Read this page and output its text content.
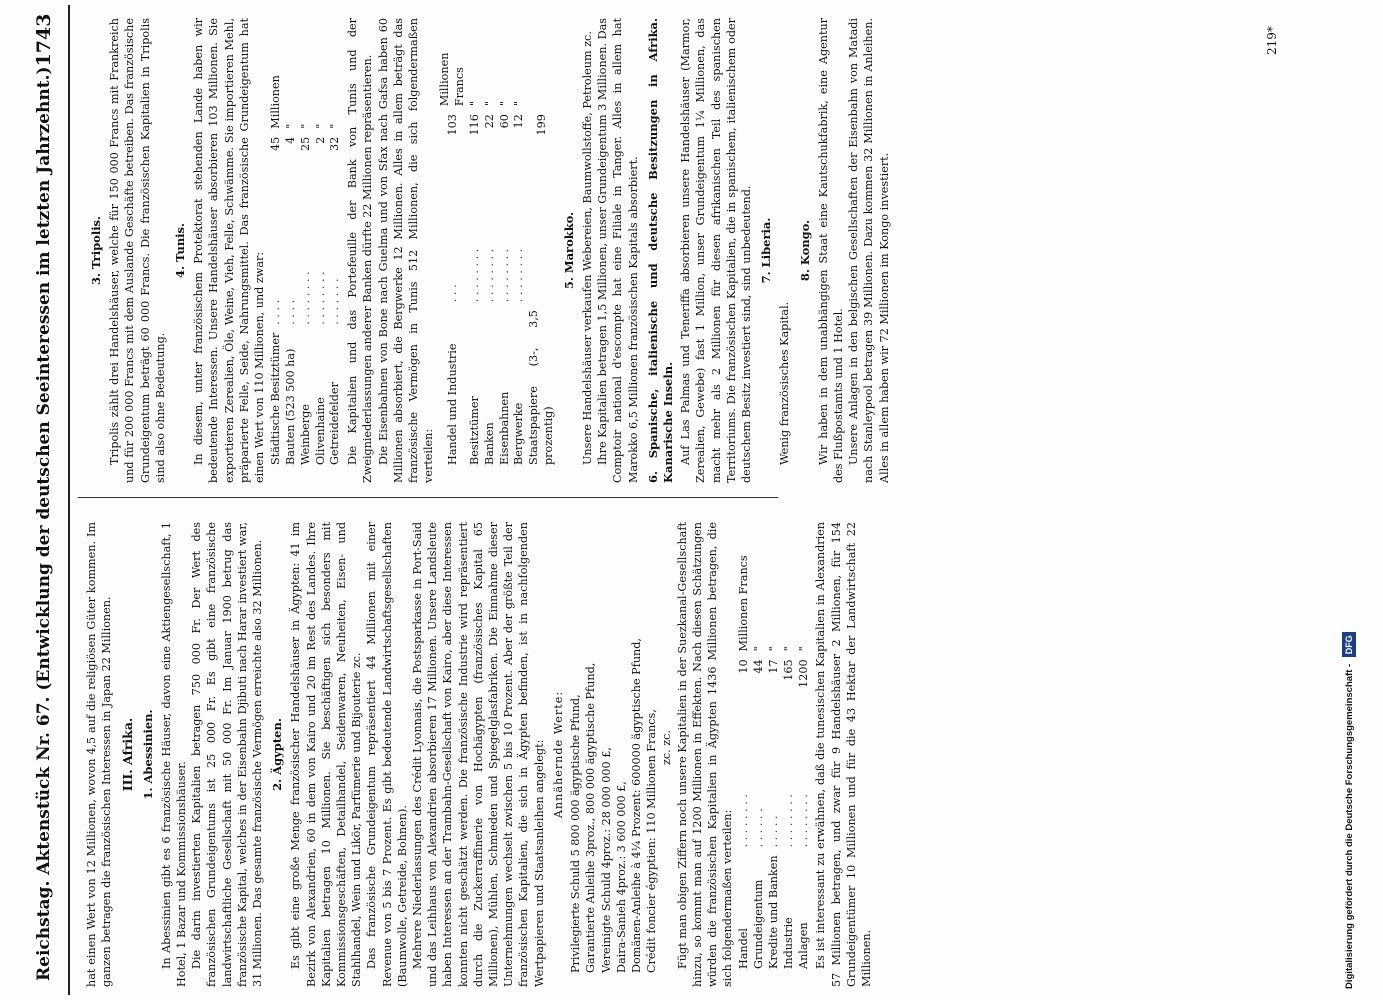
Reichstag. Aktenstück Nr. 67. (Entwicklung der deutschen Seeinteressen im letzten Jahrzehnt.)
1743

hat einen Wert von 12 Millionen, wovon 4,5 auf die religiösen Güter kommen. Im ganzen betragen die französischen Interessen in Japan 22 Millionen. III. Afrika. 1. Abessinien. In Abessinien gibt es 6 französische Häuser, davon eine Aktiengesellschaft, 1 Hotel, 1 Bazar und Kommissionshäuser. Die darin investierten Kapitalien betragen 750 000 Fr. Der Wert des französischen Grundeigentums ist 25 000 Fr. Es gibt eine französische landwirtschaftliche Gesellschaft mit 50 000 Fr. Im Januar 1900 betrug das französische Kapital, welches in der Eisenbahn Djibuti nach Harar investiert war, 31 Millionen. Das gesamte französische Vermögen erreichte also 32 Millionen. 2. Ägypten. Es gibt eine große Menge französischer Handelshäuser in Ägypten: 41 im Bezirk von Alexandrien, 60 in dem von Kairo und 20 im Rest des Landes. Ihre Kapitalien betragen 10 Millionen. Sie beschäftigen sich besonders mit Kommissionsgeschäften, Detailhandel, Seidenwaren, Neuheiten, Eisen- und Stahlhandel, Wein und Likör, Parfümerie und Bijouterie zc. Das französische Grundeigentum repräsentiert 44 Millionen mit einer Revenue von 5 bis 7 Prozent. Es gibt bedeutende Landwirtschaftsgesellschaften (Baumwolle, Getreide, Bohnen). Mehrere Niederlassungen des Crédit Lyonnais, die Postsparkasse in Port-Said und das Leihhaus von Alexandrien absorbieren 17 Millionen. Unsere Landsleute haben Interessen an der Trambahn-Gesellschaft von Kairo, aber diese Interessen konnten nicht geschätzt werden. Die französische Industrie wird repräsentiert durch die Zuckerraffinerie von Hochägypten (französisches Kapital 65 Millionen), Mühlen, Schmieden und Spiegelglasfabriken. Die Einnahme dieser Unternehmungen wechselt zwischen 5 bis 10 Prozent. Aber der größte Teil der französischen Kapitalien, die sich in Ägypten befinden, ist in nachfolgenden Wertpapieren und Staatsanleihen angelegt: Annähernde Werte: Privilegierte Schuld 5 800 000 ägyptische Pfund, Garantierte Anleihe 3proz., 800 000 ägyptische Pfund, Vereinigte Schuld 4proz.: 28 000 000 £, Daira-Sanieh 4proz.: 3 600 000 £, Domänen-Anleihe à 4¼ Prozent: 600000 ägyptische Pfund, Crédit foncier égyptien: 110 Millionen Francs, zc. zc. Fügt man obigen Ziffern noch unsere Kapitalien in der Suezkanal-Gesellschaft hinzu, so kommt man auf 1200 Millionen in Effekten. Nach diesen Schätzungen würden die französischen Kapitalien in Ägypten 1436 Millionen betragen, die sich folgendermaßen verteilen: Handel	. . . . . . . .	10	Millionen Francs
Grundeigentum	. . . . . .	44	"
Kredite und Banken	. . . . .	17	"
Industrie	. . . . . . . .	165	"
Anlagen	. . . . . . . .	1200	" Es ist interessant zu erwähnen, daß die tunesischen Kapitalien in Alexandrien 57 Millionen betragen, und zwar für 9 Handelshäuser 2 Millionen, für 154 Grundeigentümer 10 Millionen und für die 43 Hektar der Landwirtschaft 22 Millionen.

3. Tripolis. Tripolis zählt drei Handelshäuser, welche für 150 000 Francs mit Frankreich und für 200 000 Francs mit dem Auslande Geschäfte betreiben. Das französische Grundeigentum beträgt 60 000 Francs. Die französischen Kapitalien in Tripolis sind also ohne Bedeutung.

4. Tunis. In diesem, unter französischem Protektorat stehenden Lande haben wir bedeutende Interessen. Unsere Handelshäuser absorbieren 103 Millionen. Sie exportieren Zerealien, Öle, Weine, Vieh, Felle, Schwämme. Sie importieren Mehl, präparierte Felle, Seide, Nahrungsmittel. Das französische Grundeigentum hat einen Wert von 110 Millionen, und zwar: Städtische Besitztümer	. . . .	45	Millionen
Bauten (523 500 ha)	. . . .	4	"
Weinberge	. . . . . . . .	25	"
Olivenhaine	. . . . . . . .	2	"
Getreidefelder	. . . . . . .	32	" Die Kapitalien und das Portefeuille der Bank von Tunis und der Zweigniederlassungen anderer Banken dürfte 22 Millionen repräsentieren. Die Eisenbahnen von Bone nach Guelma und von Sfax nach Gafsa haben 60 Millionen absorbiert, die Bergwerke 12 Millionen. Alles in allem beträgt das französische Vermögen in Tunis 512 Millionen, die sich folgendermaßen verteilen: Handel und Industrie	. . .	103	Millionen Francs
Besitztümer	. . . . . . . .	116	"
Banken	. . . . . . . .	22	"
Eisenbahnen	. . . . . . . .	60	"
Bergwerke	. . . . . . . .	12	"
Staatspapiere (3-, 3,5 prozentig)		199	
5. Marokko. Unsere Handelshäuser verkaufen Webereien, Baumwollstoffe, Petroleum zc. Ihre Kapitalien betragen 1,5 Millionen, unser Grundeigentum 3 Millionen. Das Comptoir national d'escompte hat eine Filiale in Tanger. Alles in allem hat Marokko 6,5 Millionen französischen Kapitals absorbiert. 6. Spanische, italienische und deutsche Besitzungen in Afrika. Kanarische Inseln. Auf Las Palmas und Teneriffa absorbieren unsere Handelshäuser (Marmor, Zerealien, Gewebe) fast 1 Million, unser Grundeigentum 1¼ Millionen, das macht mehr als 2 Millionen für diesen afrikanischen Teil des spanischen Territoriums. Die französischen Kapitalien, die in spanischem, italienischem oder deutschem Besitz investiert sind, sind unbedeutend. 7. Liberia.

Wenig französisches Kapital.

8. Kongo. Wir haben in dem unabhängigen Staat eine Kautschukfabrik, eine Agentur des Flußpostamts und 1 Hotel. Unsere Anlagen in den belgischen Gesellschaften der Eisenbahn von Matadi nach Stanleypool betragen 39 Millionen. Dazu kommen 32 Millionen in Anleihen. Alles in allem haben wir 72 Millionen im Kongo investiert.

219*
Digitalisierung gefördert durch die Deutsche Forschungsgemeinschaft - DFG
